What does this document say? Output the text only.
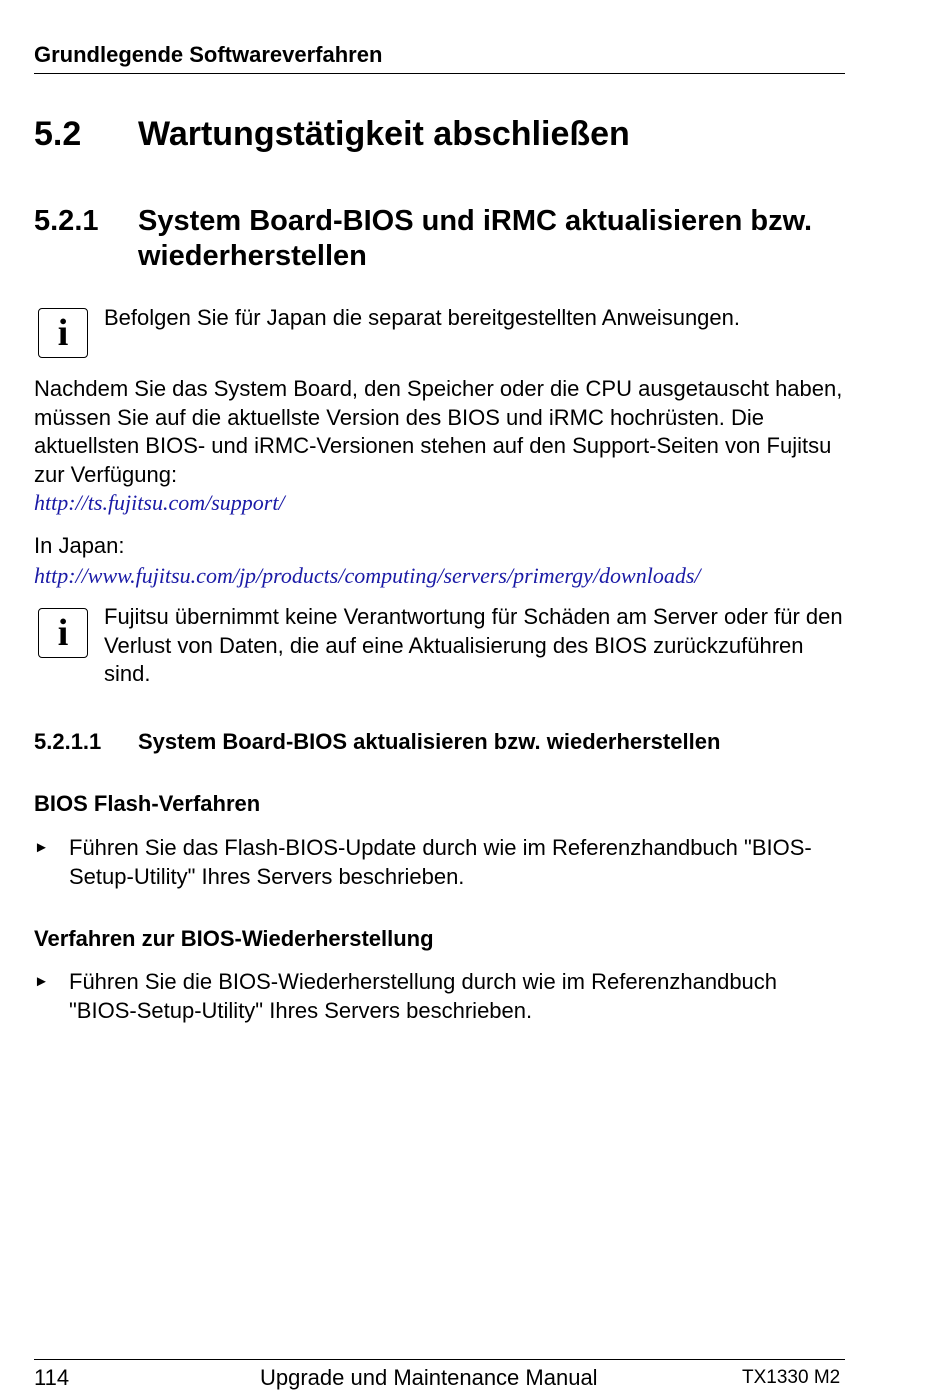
Grundlegende Softwareverfahren
5.2 Wartungstätigkeit abschließen
5.2.1 System Board-BIOS und iRMC aktualisieren bzw. wiederherstellen
i	Befolgen Sie für Japan die separat bereitgestellten Anweisungen.
Nachdem Sie das System Board, den Speicher oder die CPU ausgetauscht haben, müssen Sie auf die aktuellste Version des BIOS und iRMC hochrüsten. Die aktuellsten BIOS- und iRMC-Versionen stehen auf den Support-Seiten von Fujitsu zur Verfügung:
http://ts.fujitsu.com/support/
In Japan:
http://www.fujitsu.com/jp/products/computing/servers/primergy/downloads/
i	Fujitsu übernimmt keine Verantwortung für Schäden am Server oder für den Verlust von Daten, die auf eine Aktualisierung des BIOS zurückzuführen sind.
5.2.1.1 System Board-BIOS aktualisieren bzw. wiederherstellen
BIOS Flash-Verfahren
► Führen Sie das Flash-BIOS-Update durch wie im Referenzhandbuch "BIOS-Setup-Utility" Ihres Servers beschrieben.
Verfahren zur BIOS-Wiederherstellung
► Führen Sie die BIOS-Wiederherstellung durch wie im Referenzhandbuch "BIOS-Setup-Utility" Ihres Servers beschrieben.
114	Upgrade und Maintenance Manual	TX1330 M2
